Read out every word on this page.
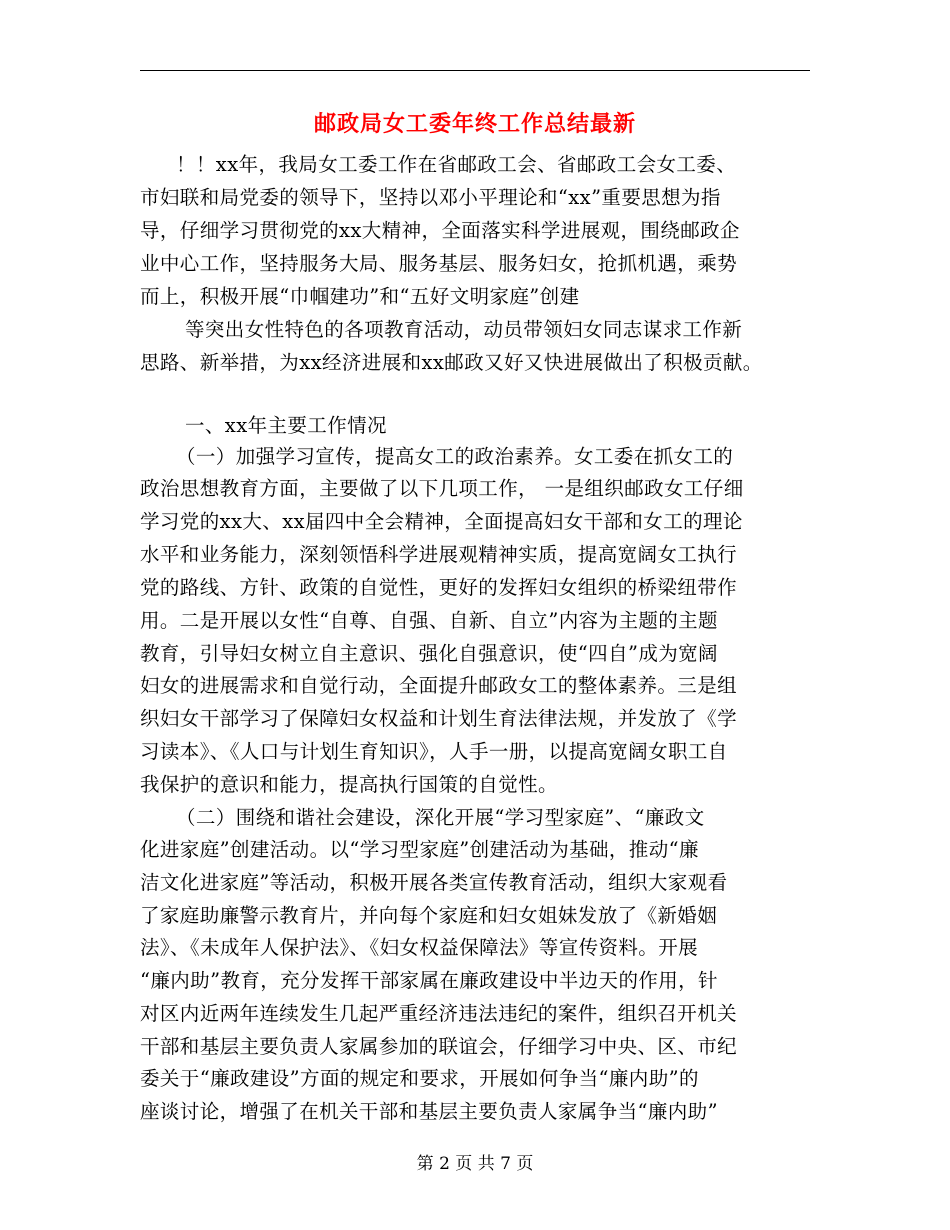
邮政局女工委年终工作总结最新
！！xx年，我局女工委工作在省邮政工会、省邮政工会女工委、
市妇联和局党委的领导下，坚持以邓小平理论和“xx”重要思想为指
导，仔细学习贯彻党的xx大精神，全面落实科学进展观，围绕邮政企
业中心工作，坚持服务大局、服务基层、服务妇女，抢抓机遇，乘势
而上，积极开展“巾帼建功”和“五好文明家庭”创建
等突出女性特色的各项教育活动，动员带领妇女同志谋求工作新
思路、新举措，为xx经济进展和xx邮政又好又快进展做出了积极贡献。
一、xx年主要工作情况
（一）加强学习宣传，提高女工的政治素养。女工委在抓女工的
政治思想教育方面，主要做了以下几项工作， 一是组织邮政女工仔细
学习党的xx大、xx届四中全会精神，全面提高妇女干部和女工的理论
水平和业务能力，深刻领悟科学进展观精神实质，提高宽阔女工执行
党的路线、方针、政策的自觉性，更好的发挥妇女组织的桥梁纽带作
用。二是开展以女性“自尊、自强、自新、自立”内容为主题的主题
教育，引导妇女树立自主意识、强化自强意识，使“四自”成为宽阔
妇女的进展需求和自觉行动，全面提升邮政女工的整体素养。三是组
织妇女干部学习了保障妇女权益和计划生育法律法规，并发放了《学
习读本》、《人口与计划生育知识》，人手一册，以提高宽阔女职工自
我保护的意识和能力，提高执行国策的自觉性。
（二）围绕和谐社会建设，深化开展“学习型家庭”、“廉政文
化进家庭”创建活动。以“学习型家庭”创建活动为基础，推动“廉
洁文化进家庭”等活动，积极开展各类宣传教育活动，组织大家观看
了家庭助廉警示教育片，并向每个家庭和妇女姐妹发放了《新婚姻
法》、《未成年人保护法》、《妇女权益保障法》等宣传资料。开展
“廉内助”教育，充分发挥干部家属在廉政建设中半边天的作用，针
对区内近两年连续发生几起严重经济违法违纪的案件，组织召开机关
干部和基层主要负责人家属参加的联谊会，仔细学习中央、区、市纪
委关于“廉政建设”方面的规定和要求，开展如何争当“廉内助”的
座谈讨论，增强了在机关干部和基层主要负责人家属争当“廉内助”
第 2 页 共 7 页
